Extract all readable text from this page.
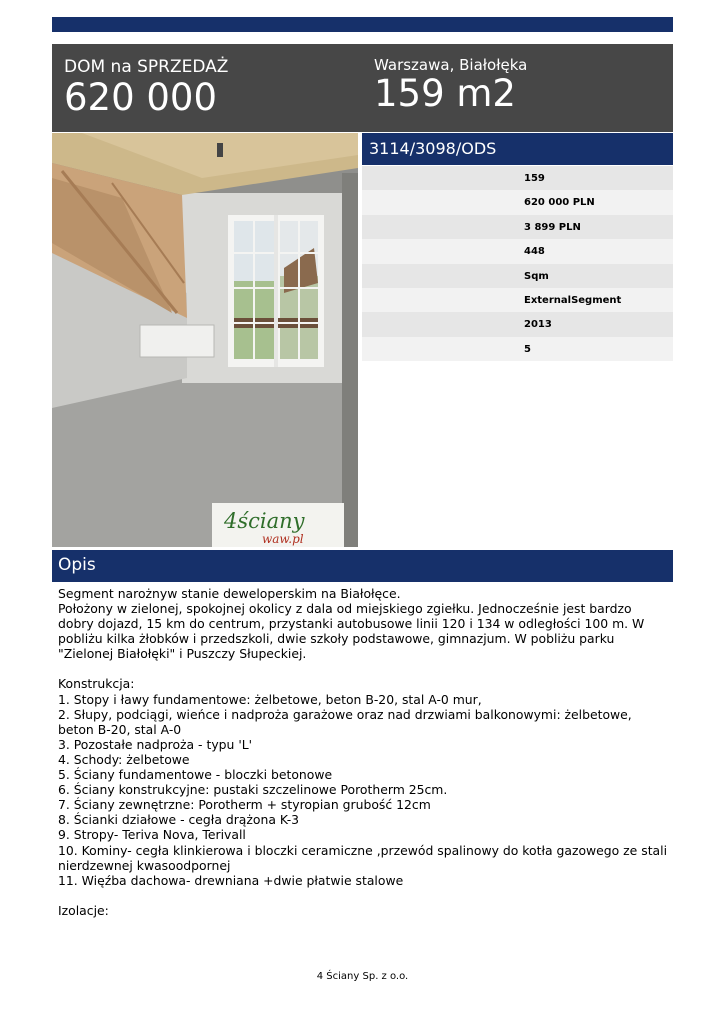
DOM na SPRZEDAŻ
620 000
Warszawa, Białołęka
159 m2
4ściany
waw.pl
3114/3098/ODS
159
620 000 PLN
3 899 PLN
448
Sqm
ExternalSegment
2013
5
Opis

Segment narożnyw stanie deweloperskim na Białołęce.

Położony w zielonej, spokojnej okolicy z dala od miejskiego zgiełku. Jednocześnie jest bardzo dobry dojazd, 15 km do centrum, przystanki autobusowe linii 120 i 134 w odległości 100 m. W pobliżu kilka żłobków i przedszkoli, dwie szkoły podstawowe, gimnazjum. W pobliżu parku "Zielonej Białołęki" i Puszczy Słupeckiej.

Konstrukcja:

1. Stopy i ławy fundamentowe: żelbetowe, beton B-20, stal A-0 mur,

2. Słupy, podciągi, wieńce i nadproża garażowe oraz nad drzwiami balkonowymi: żelbetowe, beton B-20, stal A-0

3. Pozostałe nadproża - typu 'L'

4. Schody: żelbetowe

5. Ściany fundamentowe - bloczki betonowe

6. Ściany konstrukcyjne: pustaki szczelinowe Porotherm 25cm.

7. Ściany zewnętrzne: Porotherm + styropian grubość 12cm

8. Ścianki działowe - cegła drążona K-3

9. Stropy- Teriva Nova, Terivall

10. Kominy- cegła klinkierowa i bloczki ceramiczne ,przewód spalinowy do kotła gazowego ze stali nierdzewnej kwasoodpornej

11. Więźba dachowa- drewniana +dwie płatwie stalowe

Izolacje:

4 Ściany Sp. z o.o.
